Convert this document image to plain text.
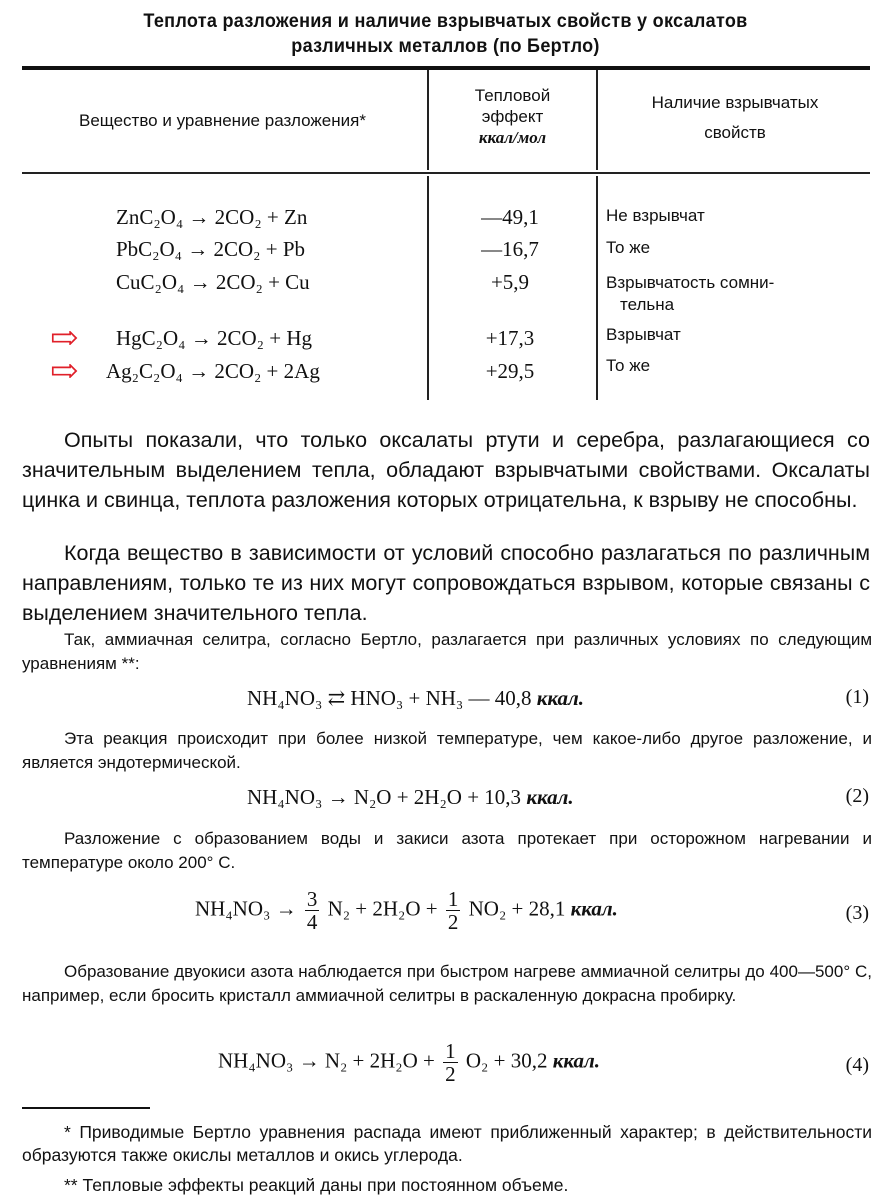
Теплота разложения и наличие взрывчатых свойств у оксалатов
различных металлов (по Бертло)
Вещество и уравнение разложения*
Тепловой
эффект
ккал/мол
Наличие взрывчатых
свойств
ZnC₂O₄ → 2CO₂ + Zn	—49,1	Не взрывчат
PbC₂O₄ → 2CO₂ + Pb	—16,7	То же
CuC₂O₄ → 2CO₂ + Cu	+5,9	Взрывчатость сомни-
тельна
⇨ HgC₂O₄ → 2CO₂ + Hg	+17,3	Взрывчат
⇨ Ag₂C₂O₄ → 2CO₂ + 2Ag	+29,5	То же
Опыты показали, что только оксалаты ртути и серебра, разлагающиеся со значительным выделением тепла, обладают взрывчатыми свойствами. Оксалаты цинка и свинца, теплота разложения которых отрицательна, к взрыву не способны.
Когда вещество в зависимости от условий способно разлагаться по различным направлениям, только те из них могут сопровождаться взрывом, которые связаны с выделением значительного тепла.
Так, аммиачная селитра, согласно Бертло, разлагается при различных условиях по следующим уравнениям **:
NH₄NO₃ ⇄ HNO₃ + NH₃ — 40,8 ккал.	(1)
Эта реакция происходит при более низкой температуре, чем какое-либо другое разложение, и является эндотермической.
NH₄NO₃ → N₂O + 2H₂O + 10,3 ккал.	(2)
Разложение с образованием воды и закиси азота протекает при осторожном нагревании и температуре около 200° С.
$NH_4NO_3 \to \frac{3}{4} N_2 + 2H_2O + \frac{1}{2} NO_2 + 28,1$ ккал.	(3)
Образование двуокиси азота наблюдается при быстром нагреве аммиачной селитры до 400—500° С, например, если бросить кристалл аммиачной селитры в раскаленную докрасна пробирку.
$NH_4NO_3 \to N_2 + 2H_2O + \frac{1}{2} O_2 + 30,2$ ккал.	(4)
* Приводимые Бертло уравнения распада имеют приближенный характер; в действительности образуются также окислы металлов и окись углерода.
** Тепловые эффекты реакций даны при постоянном объеме.
